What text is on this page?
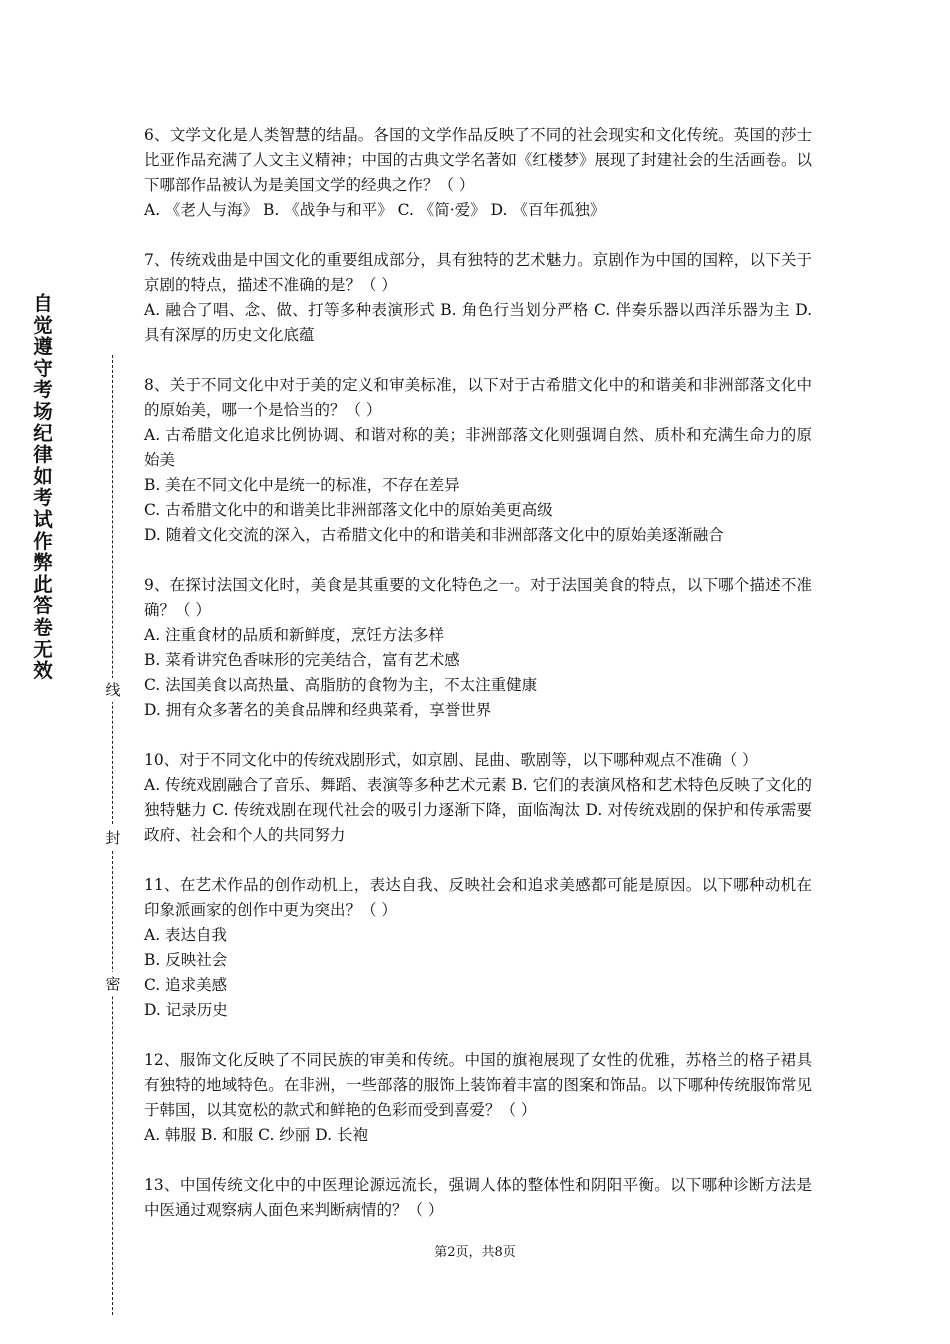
自觉遵守考场纪律如考试作弊此答卷无效
线
封
密

6、文学文化是人类智慧的结晶。各国的文学作品反映了不同的社会现实和文化传统。英国的莎士比亚作品充满了人文主义精神；中国的古典文学名著如《红楼梦》展现了封建社会的生活画卷。以下哪部作品被认为是美国文学的经典之作？（ ）

A. 《老人与海》 B. 《战争与和平》 C. 《简·爱》 D. 《百年孤独》

7、传统戏曲是中国文化的重要组成部分，具有独特的艺术魅力。京剧作为中国的国粹，以下关于京剧的特点，描述不准确的是？（ ）

A. 融合了唱、念、做、打等多种表演形式 B. 角色行当划分严格 C. 伴奏乐器以西洋乐器为主 D. 具有深厚的历史文化底蕴

8、关于不同文化中对于美的定义和审美标准，以下对于古希腊文化中的和谐美和非洲部落文化中的原始美，哪一个是恰当的？（ ）

A. 古希腊文化追求比例协调、和谐对称的美；非洲部落文化则强调自然、质朴和充满生命力的原始美

B. 美在不同文化中是统一的标准，不存在差异

C. 古希腊文化中的和谐美比非洲部落文化中的原始美更高级

D. 随着文化交流的深入，古希腊文化中的和谐美和非洲部落文化中的原始美逐渐融合

9、在探讨法国文化时，美食是其重要的文化特色之一。对于法国美食的特点，以下哪个描述不准确？（ ）

A. 注重食材的品质和新鲜度，烹饪方法多样

B. 菜肴讲究色香味形的完美结合，富有艺术感

C. 法国美食以高热量、高脂肪的食物为主，不太注重健康

D. 拥有众多著名的美食品牌和经典菜肴，享誉世界

10、对于不同文化中的传统戏剧形式，如京剧、昆曲、歌剧等，以下哪种观点不准确（ ）

A. 传统戏剧融合了音乐、舞蹈、表演等多种艺术元素 B. 它们的表演风格和艺术特色反映了文化的独特魅力 C. 传统戏剧在现代社会的吸引力逐渐下降，面临淘汰 D. 对传统戏剧的保护和传承需要政府、社会和个人的共同努力

11、在艺术作品的创作动机上，表达自我、反映社会和追求美感都可能是原因。以下哪种动机在印象派画家的创作中更为突出？（ ）

A. 表达自我

B. 反映社会

C. 追求美感

D. 记录历史

12、服饰文化反映了不同民族的审美和传统。中国的旗袍展现了女性的优雅，苏格兰的格子裙具有独特的地域特色。在非洲，一些部落的服饰上装饰着丰富的图案和饰品。以下哪种传统服饰常见于韩国，以其宽松的款式和鲜艳的色彩而受到喜爱？（ ）

A. 韩服 B. 和服 C. 纱丽 D. 长袍

13、中国传统文化中的中医理论源远流长，强调人体的整体性和阴阳平衡。以下哪种诊断方法是中医通过观察病人面色来判断病情的？（ ）

第2页，共8页
